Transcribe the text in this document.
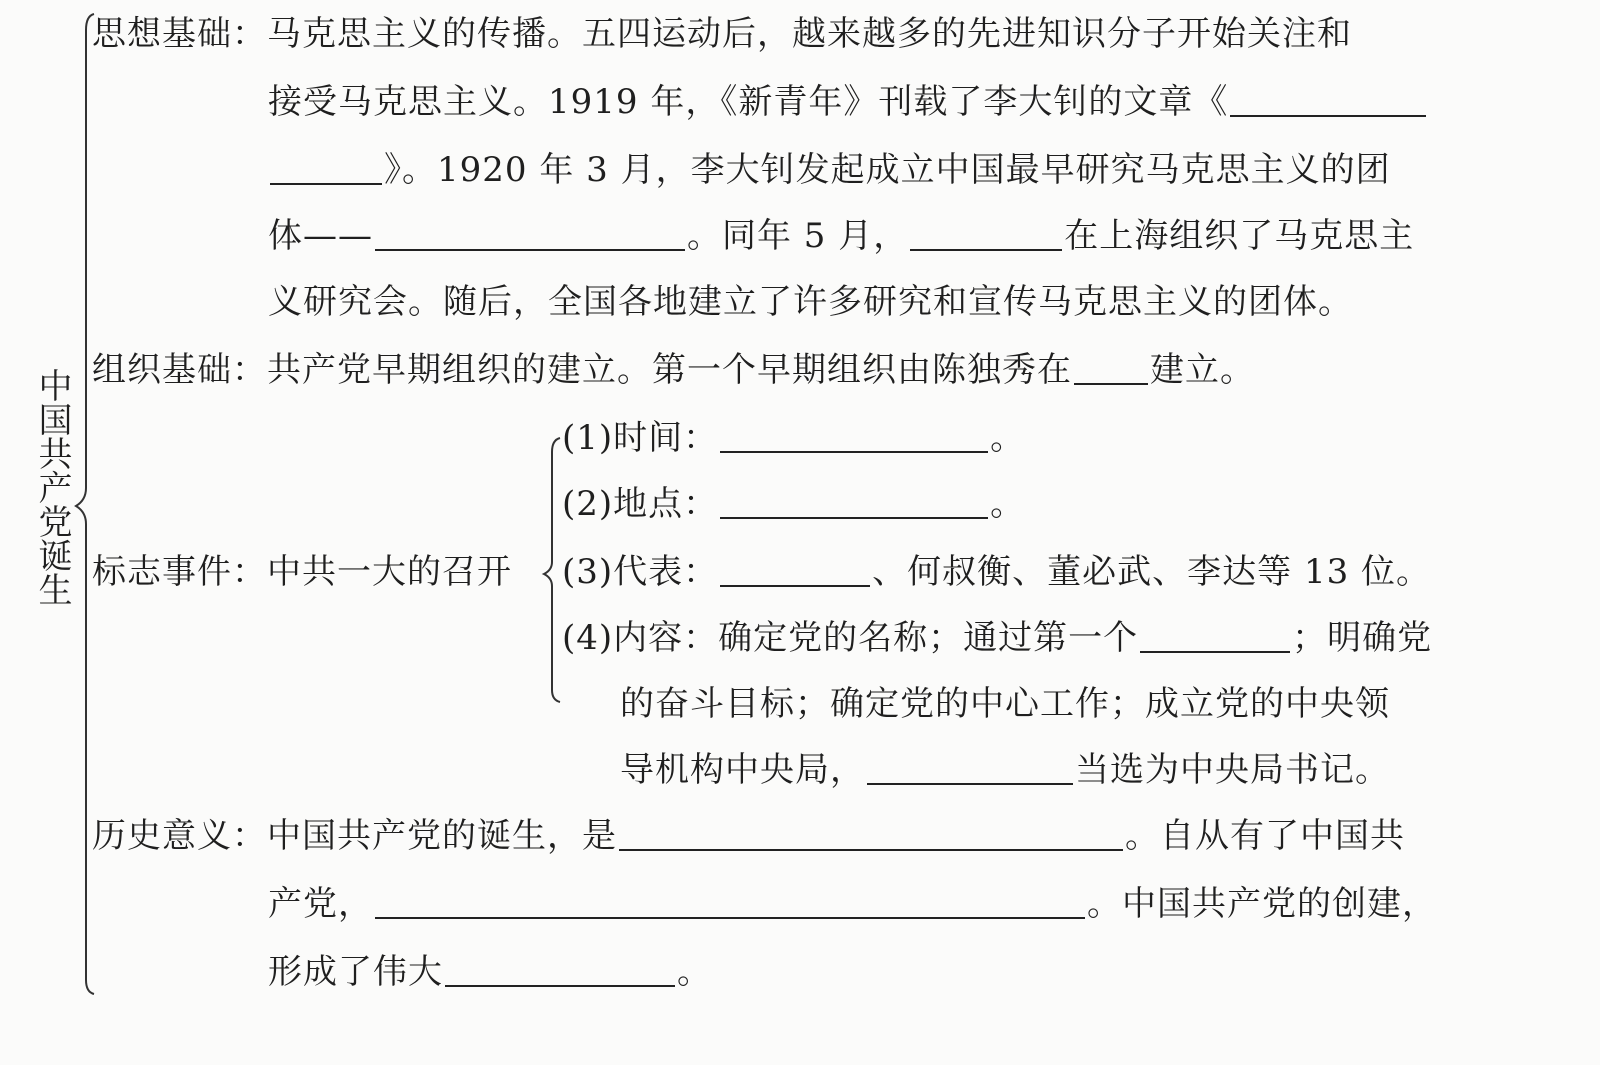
中国共产党诞生
思想基础：马克思主义的传播。五四运动后，越来越多的先进知识分子开始关注和
接受马克思主义。1919 年，《新青年》刊载了李大钊的文章《
》。1920 年 3 月，李大钊发起成立中国最早研究马克思主义的团
体——	。同年 5 月，	在上海组织了马克思主
义研究会。随后，全国各地建立了许多研究和宣传马克思主义的团体。
组织基础：共产党早期组织的建立。第一个早期组织由陈独秀在 建立。
(1)时间：	。
(2)地点：	。
标志事件：中共一大的召开 (3)代表：	、何叔衡、董必武、李达等 13 位。
(4)内容：确定党的名称；通过第一个	；明确党
的奋斗目标；确定党的中心工作；成立党的中央领
导机构中央局，	当选为中央局书记。
历史意义：中国共产党的诞生，是	。自从有了中国共
产党，	。中国共产党的创建，
形成了伟大	。
